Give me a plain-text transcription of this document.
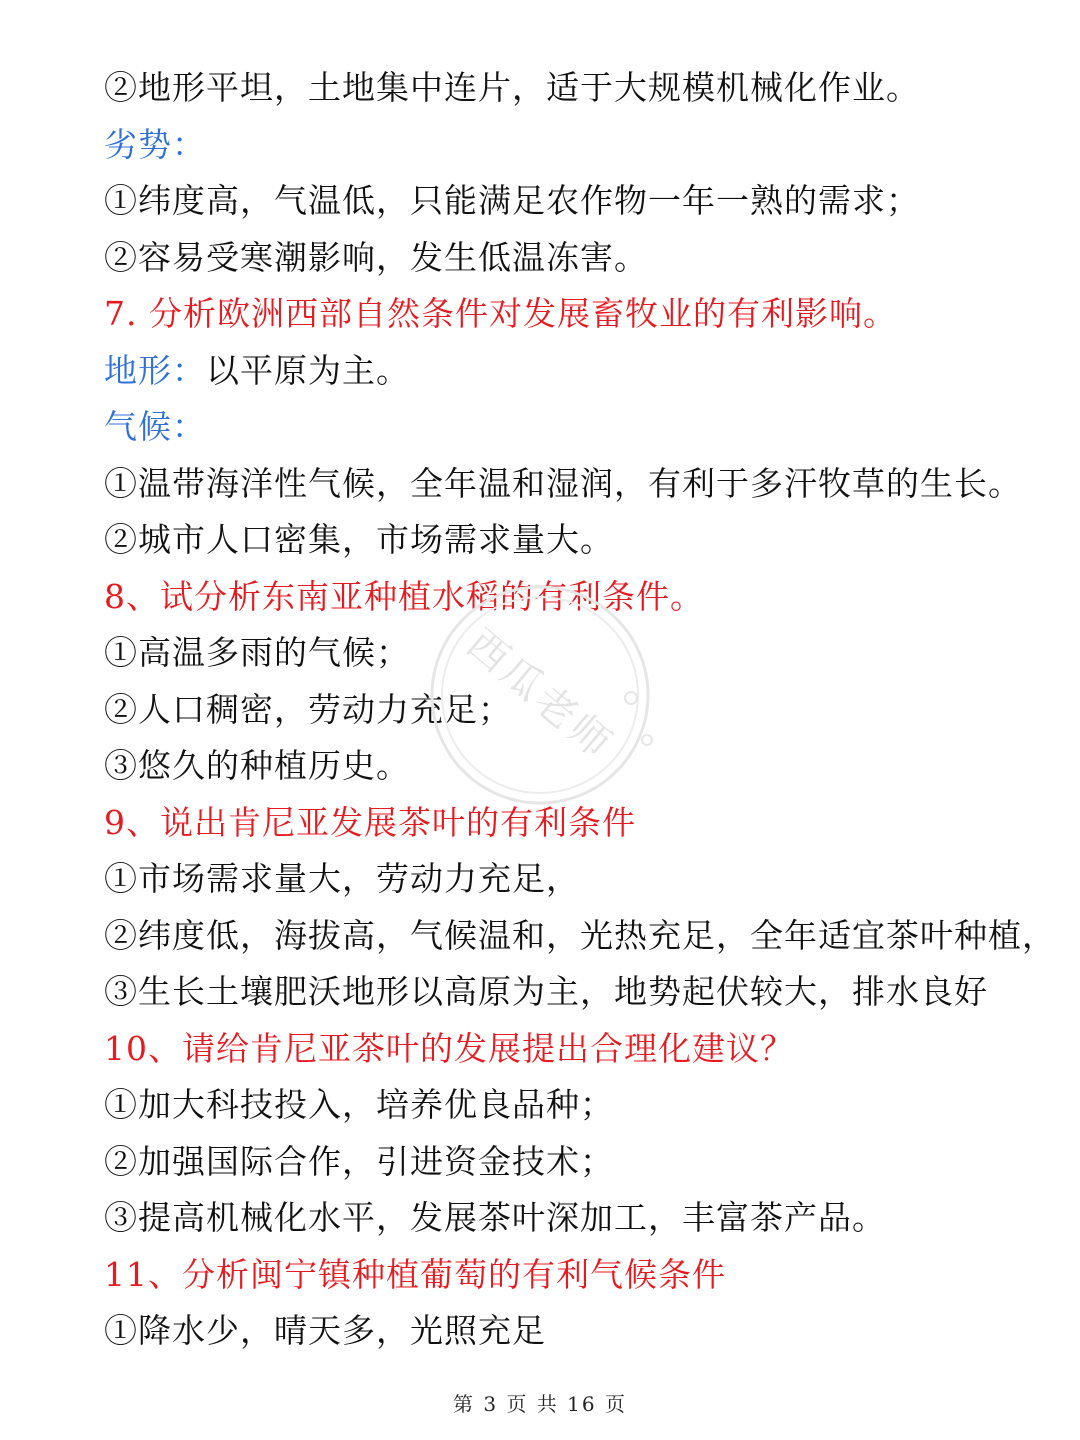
②地形平坦，土地集中连片，适于大规模机械化作业。
劣势：
①纬度高，气温低，只能满足农作物一年一熟的需求；
②容易受寒潮影响，发生低温冻害。
7. 分析欧洲西部自然条件对发展畜牧业的有利影响。
地形：以平原为主。
气候：
①温带海洋性气候，全年温和湿润，有利于多汗牧草的生长。
②城市人口密集，市场需求量大。
8、试分析东南亚种植水稻的有利条件。
①高温多雨的气候；
②人口稠密，劳动力充足；
③悠久的种植历史。
9、说出肯尼亚发展茶叶的有利条件
①市场需求量大，劳动力充足，
②纬度低，海拔高，气候温和，光热充足，全年适宜茶叶种植，
③生长土壤肥沃地形以高原为主，地势起伏较大，排水良好
10、请给肯尼亚茶叶的发展提出合理化建议？
①加大科技投入，培养优良品种；
②加强国际合作，引进资金技术；
③提高机械化水平，发展茶叶深加工，丰富茶产品。
11、分析闽宁镇种植葡萄的有利气候条件
①降水少，晴天多，光照充足
西瓜老师
第 3 页 共 16 页
